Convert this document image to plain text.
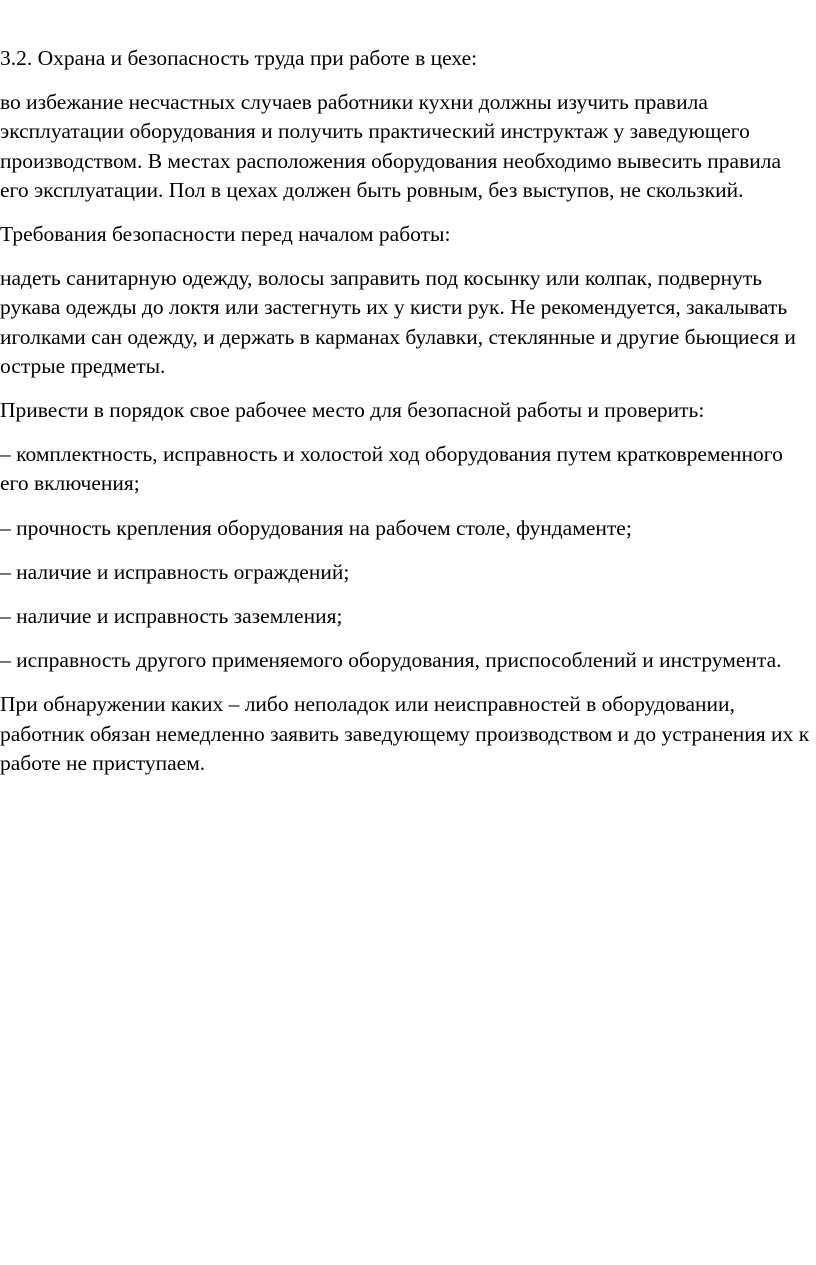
3.2. Охрана и безопасность труда при работе в цехе:

во избежание несчастных случаев работники кухни должны изучить правила эксплуатации оборудования и получить практический инструктаж у заведующего производством. В местах расположения оборудования необходимо вывесить правила его эксплуатации. Пол в цехах должен быть ровным, без выступов, не скользкий.

Требования безопасности перед началом работы:

надеть санитарную одежду, волосы заправить под косынку или колпак, подвернуть рукава одежды до локтя или застегнуть их у кисти рук. Не рекомендуется, закалывать иголками сан одежду, и держать в карманах булавки, стеклянные и другие бьющиеся и острые предметы.

Привести в порядок свое рабочее место для безопасной работы и проверить:

– комплектность, исправность и холостой ход оборудования путем кратковременного его включения;

– прочность крепления оборудования на рабочем столе, фундаменте;

– наличие и исправность ограждений;

– наличие и исправность заземления;

– исправность другого применяемого оборудования, приспособлений и инструмента.

При обнаружении каких – либо неполадок или неисправностей в оборудовании, работник обязан немедленно заявить заведующему производством и до устранения их к работе не приступаем.
